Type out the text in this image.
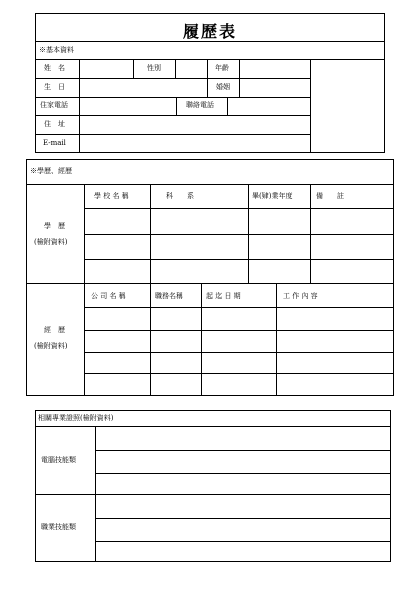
履歷表
※基本資料
姓　名	性別	年齡
生　日	婚姻
住家電話	聯絡電話
住　址
E-mail
※學歷、經歷
學 校 名 稱	科　　系	畢(肄)業年度	備　　註
學　歷
(檢附資料)
公 司 名 稱	職務名稱	起 迄 日 期	工 作 內 容
經　歷
(檢附資料)
相關專業證照(檢附資料)
電腦技能類
職業技能類
